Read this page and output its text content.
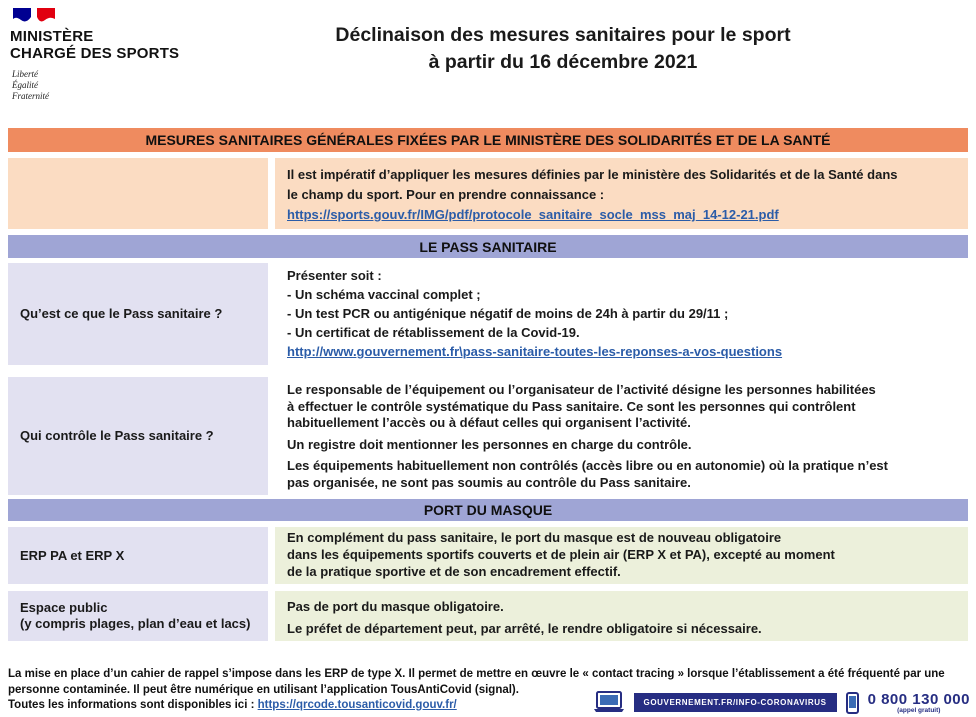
MINISTÈRE
CHARGÉ DES SPORTS
Liberté
Égalité
Fraternité
Déclinaison des mesures sanitaires pour le sport
à partir du 16 décembre 2021
MESURES SANITAIRES GÉNÉRALES FIXÉES PAR LE MINISTÈRE DES SOLIDARITÉS ET DE LA SANTÉ
Il est impératif d’appliquer les mesures définies par le ministère des Solidarités et de la Santé dans
le champ du sport. Pour en prendre connaissance :
https://sports.gouv.fr/IMG/pdf/protocole_sanitaire_socle_mss_maj_14-12-21.pdf
LE PASS SANITAIRE
Qu’est ce que le Pass sanitaire ?
Présenter soit :
- Un schéma vaccinal complet ;
- Un test PCR ou antigénique négatif de moins de 24h à partir du 29/11 ;
- Un certificat de rétablissement de la Covid-19.
http://www.gouvernement.fr\pass-sanitaire-toutes-les-reponses-a-vos-questions
Qui contrôle le Pass sanitaire ?
Le responsable de l’équipement ou l’organisateur de l’activité désigne les personnes habilitées
à effectuer le contrôle systématique du Pass sanitaire. Ce sont les personnes qui contrôlent
habituellement l’accès ou à défaut celles qui organisent l’activité.
Un registre doit mentionner les personnes en charge du contrôle.
Les équipements habituellement non contrôlés (accès libre ou en autonomie) où la pratique n’est
pas organisée, ne sont pas soumis au contrôle du Pass sanitaire.
PORT DU MASQUE
ERP PA et ERP X
En complément du pass sanitaire, le port du masque est de nouveau obligatoire
dans les équipements sportifs couverts et de plein air (ERP X et PA), excepté au moment
de la pratique sportive et de son encadrement effectif.
Espace public
(y compris plages, plan d’eau et lacs)
Pas de port du masque obligatoire.
Le préfet de département peut, par arrêté, le rendre obligatoire si nécessaire.
La mise en place d’un cahier de rappel s’impose dans les ERP de type X. Il permet de mettre en œuvre le « contact tracing » lorsque l’établissement a été fréquenté par une
personne contaminée. Il peut être numérique en utilisant l’application TousAntiCovid (signal).
Toutes les informations sont disponibles ici : https://qrcode.tousanticovid.gouv.fr/	GOUVERNEMENT.FR/INFO-CORONAVIRUS	0 800 130 000
(appel gratuit)
